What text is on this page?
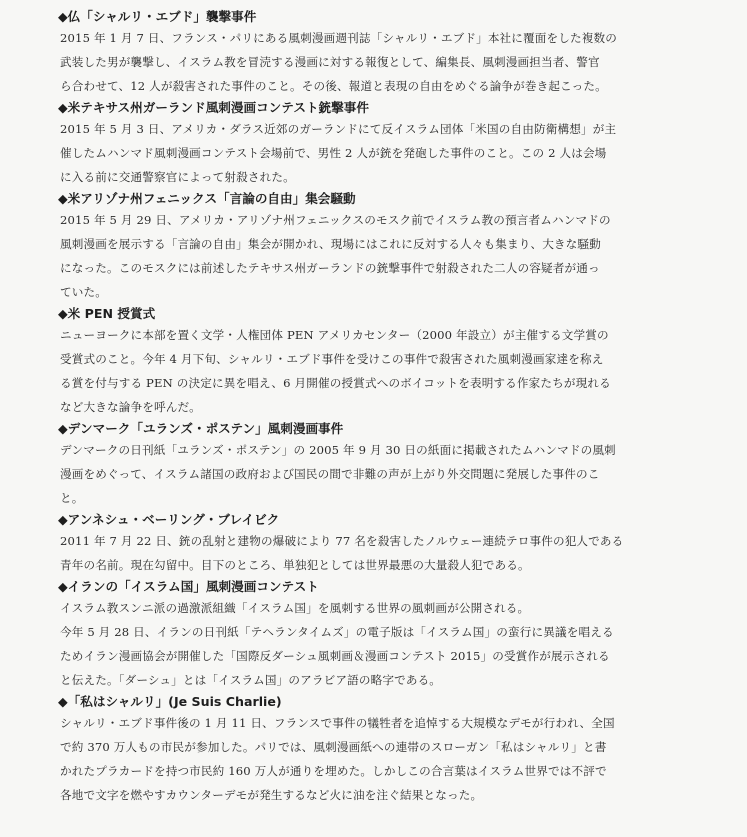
◆仏「シャルリ・エブド」襲撃事件
2015 年 1 月 7 日、フランス・パリにある風刺漫画週刊誌「シャルリ・エブド」本社に覆面をした複数の
武装した男が襲撃し、イスラム教を冒涜する漫画に対する報復として、編集長、風刺漫画担当者、警官
ら合わせて、12 人が殺害された事件のこと。その後、報道と表現の自由をめぐる論争が巻き起こった。
◆米テキサス州ガーランド風刺漫画コンテスト銃撃事件
2015 年 5 月 3 日、アメリカ・ダラス近郊のガーランドにて反イスラム団体「米国の自由防衛構想」が主
催したムハンマド風刺漫画コンテスト会場前で、男性 2 人が銃を発砲した事件のこと。この 2 人は会場
に入る前に交通警察官によって射殺された。
◆米アリゾナ州フェニックス「言論の自由」集会騒動
2015 年 5 月 29 日、アメリカ・アリゾナ州フェニックスのモスク前でイスラム教の預言者ムハンマドの
風刺漫画を展示する「言論の自由」集会が開かれ、現場にはこれに反対する人々も集まり、大きな騒動
になった。このモスクには前述したテキサス州ガーランドの銃撃事件で射殺された二人の容疑者が通っ
ていた。
◆米 PEN 授賞式
ニューヨークに本部を置く文学・人権団体 PEN アメリカセンター（2000 年設立）が主催する文学賞の
受賞式のこと。今年 4 月下旬、シャルリ・エブド事件を受けこの事件で殺害された風刺漫画家達を称え
る賞を付与する PEN の決定に異を唱え、6 月開催の授賞式へのボイコットを表明する作家たちが現れる
など大きな論争を呼んだ。
◆デンマーク「ユランズ・ポステン」風刺漫画事件
デンマークの日刊紙「ユランズ・ポステン」の 2005 年 9 月 30 日の紙面に掲載されたムハンマドの風刺
漫画をめぐって、イスラム諸国の政府および国民の間で非難の声が上がり外交問題に発展した事件のこ
と。
◆アンネシュ・ベーリング・ブレイビク
2011 年 7 月 22 日、銃の乱射と建物の爆破により 77 名を殺害したノルウェー連続テロ事件の犯人である
青年の名前。現在勾留中。目下のところ、単独犯としては世界最悪の大量殺人犯である。
◆イランの「イスラム国」風刺漫画コンテスト
イスラム教スンニ派の過激派組織「イスラム国」を風刺する世界の風刺画が公開される。
今年 5 月 28 日、イランの日刊紙「テヘランタイムズ」の電子版は「イスラム国」の蛮行に異議を唱える
ためイラン漫画協会が開催した「国際反ダーシュ風刺画＆漫画コンテスト 2015」の受賞作が展示される
と伝えた。「ダーシュ」とは「イスラム国」のアラビア語の略字である。
◆「私はシャルリ」(Je Suis Charlie)
シャルリ・エブド事件後の 1 月 11 日、フランスで事件の犠牲者を追悼する大規模なデモが行われ、全国
で約 370 万人もの市民が参加した。パリでは、風刺漫画紙への連帯のスローガン「私はシャルリ」と書
かれたプラカードを持つ市民約 160 万人が通りを埋めた。しかしこの合言葉はイスラム世界では不評で
各地で文字を燃やすカウンターデモが発生するなど火に油を注ぐ結果となった。
